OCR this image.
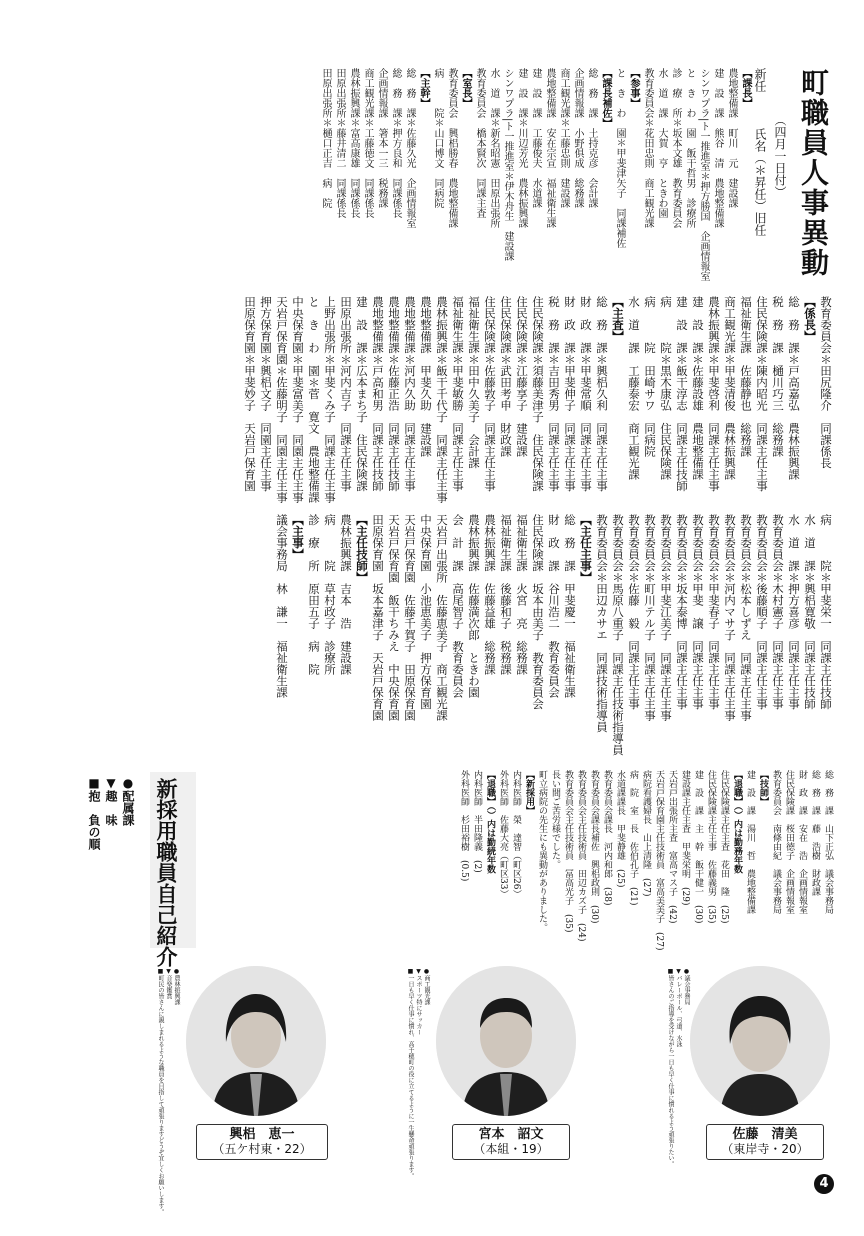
町職員人事異動
（四月一日付）
新任　　　氏名（＊昇任）旧任
【課長】
農地整備課　町川　元　建設課
建　設　課　熊谷　清　農地整備課
シンワプラ|ト一推進室＊押方勝国　企画情報室
と　き　わ　園　飯干哲男　診療所
診　療　所＊坂本文雄　教育委員会
水　道　課　大賀　亨　ときわ園
教育委員会＊花田忠則　商工観光課
【参事】
と　き　わ　園＊甲斐津矢子　同課補佐
【課長補佐】
総　務　課　土持克彦　会計課
企画情報課　小野俱成　総務課
商工観光課＊工藤忠則　建設課
農地整備課　安在宗宣　福祉衛生課
建　設　課　工藤俊夫　水道課
建　設　課＊川辺芳光　農林振興課
シンワプラ|ト一推進室＊伊木舟生　建設課
水　道　課＊新名昭憲　田原出張所
教育委員会　橋本賢次　同課主査
【室長】
教育委員会　興梠勝春　農地整備課
病　　　院＊山口博文　同病院
【主幹】
総　務　課＊佐藤久光　企画情報室
総　務　課＊押方良和　同課係長
企画情報課　箸本一三　税務課
商工観光課＊工藤徳文　同課係長
農林振興課＊富高康雄　同課係長
田原出張所＊藤井清二　同課係長
田原出張所＊樋口正吉　病　院
教育委員会＊田尻隆介　同課係長
【係長】
総　務　課＊戸高嘉弘　農林振興課
税　務　課　樋川巧三　総務課
住民保険課＊陳内昭光　同課主任主事
福祉衛生課　佐藤静也　総務課
商工観光課＊甲斐清俊　農林振興課
農林振興課＊甲斐啓利　同課主任主事
建　設　課＊佐藤設雄　農地整備課
建　設　課＊飯干淳志　同課主任技師
病　　　院＊黒木康弘　住民保険課
病　　　院　田崎サワ　同病院
水　道　課　工藤泰宏　商工観光課
【主査】
総　務　課＊興梠久利　同課主任主事
財　政　課＊甲斐常順　同課主任主事
財　政　課＊甲斐伸子　同課主任主事
税　務　課＊吉田秀男　同課主任主事
住民保険課＊須藤美津子　住民保険課
住民保険課＊江藤享子　建設課
住民保険課＊武田考申　財政課
住民保険課＊佐藤敦子　同課主任主事
福祉衛生課＊田中久美子　会計課
福祉衛生課＊甲斐敏勝　同課主任主事
農林振興課＊飯干千代子　同課主任主事
農地整備課　甲斐久助　建設課
農地整備課＊河内久助　同課主任主事
農地整備課＊佐藤正浩　同課主任技師
農地整備課＊戸高和男　同課主任技師
建　設　課＊広本まち子　住民保険課
田原出張所＊河内吉子　同課主任主事
上野出張所＊甲斐くみ子　同課主任主事
と　き　わ　園＊菅　寛文　農地整備課
中央保育園＊甲斐富美子　同園主任主事
天岩戸保育園＊佐藤明子　同園主任主事
押方保育園＊興梠文子　同園主任主事
田原保育園＊甲斐妙子　天岩戸保育園
病　　　院＊甲斐栄一　同課主任技師
水　道　課＊興梠寛敬　同課主任技師
水　道　課＊押方喜彦　同課主任主事
教育委員会＊木村憲子　同課主任主事
教育委員会＊後藤順子　同課主任主事
教育委員会＊松本しずえ　同課主任主事
教育委員会＊河内マサ子　同課主任主事
教育委員会＊甲斐春子　同課主任主事
教育委員会＊甲斐　譲　同課主任主事
教育委員会＊坂本泰博　同課主任主事
教育委員会＊甲斐江美子　同課主任主事
教育委員会＊町川テル子　同課主任主事
教育委員会＊佐藤　毅　同課主任主事
教育委員会＊馬原八重子　同課主任技術指導員
教育委員会＊田辺カサエ　同課技術指導員
【主任主事】
総　務　課　甲斐慶一　福祉衛生課
財　政　課　谷川浩二　教育委員会
住民保険課　坂本由美子　教育委員会
福祉衛生課　火宮　亮　総務課
福祉衛生課　後藤和子　税務課
農林振興課　佐藤益雄　総務課
農林振興課　佐藤満次郎　ときわ園
会　計　課　高尾智子　教育委員会
天岩戸出張所　佐藤恵美子　商工観光課
中央保育園　小池恵美子　押方保育園
天岩戸保育園　佐藤千賀子　田原保育園
天岩戸保育園　飯干ちみえ　中央保育園
田原保育園　坂本嘉津子　天岩戸保育園
【主任技師】
農林振興課　吉本　浩　建設課
病　　　院　草村政子　診療所
診　療　所　原田五子　病　院
【主事】
議会事務局　林　謙一　福祉衛生課
総　務　課　山下正弘　議会事務局
総　務　課　藤　浩樹　財政課
財　政　課　安在　浩　企画情報室
住民保険課　桜田徳子　企画情報室
教育委員会　南條由紀　議会事務局
【技師】
建　設　課　湯川　哲　農地整備課
【退職】（）内は勤務年数
住民保険課主任主査　花田　隆　(25)
住民保険課主任主事　佐藤義男　(35)
建　設　課　主　幹　飯干健一　(30)
建設課主任主査　甲斐栄明　(29)
天岩戸出張所主査　富高マス子　(42)
天岩戸保育園主任技術員　富高美美子　(27)
病院看護婦長　山上清隆　(27)
病　院　室　長　佐伯孔子　(21)
水道課課長　甲斐静雄　(25)
教育委員会課長　河内和郎　(38)
教育委員会課長補佐　興梠政則　(30)
教育委員会主任技術員　田辺カズ子　(24)
教育委員会主任技術員　冨高光子　(35)
長い間ご苦労様でした。
町立病院の先生にも異動がありました。
【新採用】
内科医師　榮　達智（町区26）
外科医師　佐藤大亮（町区33）
【退職】（）内は勤続年数
内科医師　半田隆義　(2)
外科医師　杉田裕樹　(0.5)
新採用職員自己紹介
●配属課
▼趣　味
■抱　負の順
●議会事務局
▼バレーボール、弓道、水泳
■皆さんのご指導を受けながら一日も早く仕事に慣れるよう頑張りたい。
●商工観光課
▼スポーツ特にサッカー
■一日も早く仕事に慣れ、高千穂町の役に立てるように一生懸命頑張ります。
●農林振興課
▼音楽鑑賞
■町民の皆さんに親しまれるような職員を目指して頑張りますどうぞ宜しくお願いします。	佐藤　清美
（東岸寺・20）
宮本　詔文
（本組・19）
興梠　恵一
（五ケ村東・22）
4
